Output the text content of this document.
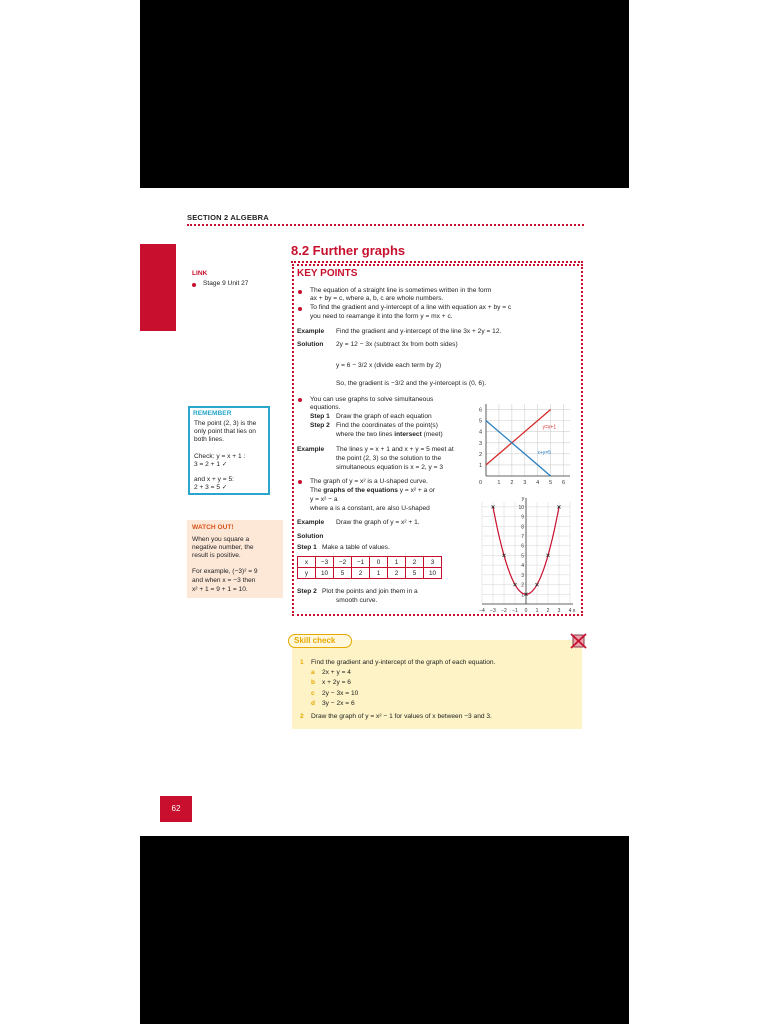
SECTION 2 ALGEBRA
8.2 Further graphs
LINK
Stage 9 Unit 27
KEY POINTS
The equation of a straight line is sometimes written in the form
ax + by = c, where a, b, c are whole numbers.
To find the gradient and y-intercept of a line with equation ax + by = c
you need to rearrange it into the form y = mx + c.
Example Find the gradient and y-intercept of the line 3x + 2y = 12.
Solution 2y = 12 − 3x (subtract 3x from both sides)
y = 6 − 3/2 x (divide each term by 2)
So, the gradient is −3/2 and the y-intercept is (0, 6).
You can use graphs to solve simultaneous
equations.
Step 1 Draw the graph of each equation
Step 2 Find the coordinates of the point(s)
where the two lines intersect (meet)
Example The lines y = x + 1 and x + y = 5 meet at
the point (2, 3) so the solution to the
simultaneous equation is x = 2, y = 3
The graph of y = x² is a U-shaped curve.
The graphs of the equations y = x² + a or
y = x² − a
where a is a constant, are also U-shaped
Example Draw the graph of y = x² + 1.
Solution
Step 1 Make a table of values.
x	−3	−2	−1	0	1	2	3
y	10	5	2	1	2	5	10
Step 2 Plot the points and join them in a
smooth curve.
1 2 3 4 5 6
1
2
3
4
5
6
0
y=x+1
x+y=5
y
x
−4 −3 −2 −1 0 1 2 3 4
1
2
3
4
5
6
7
8
9
10
REMEMBER
The point (2, 3) is the
only point that lies on
both lines.
Check: y = x + 1 :
3 = 2 + 1 ✓
and x + y = 5:
2 + 3 = 5 ✓
WATCH OUT!
When you square a
negative number, the
result is positive.
For example, (−3)² = 9
and when x = −3 then
x² + 1 = 9 + 1 = 10.
Skill check
1 Find the gradient and y-intercept of the graph of each equation.
a 2x + y = 4
b x + 2y = 6
c 2y − 3x = 10
d 3y − 2x = 6
2 Draw the graph of y = x² − 1 for values of x between −3 and 3.
62
